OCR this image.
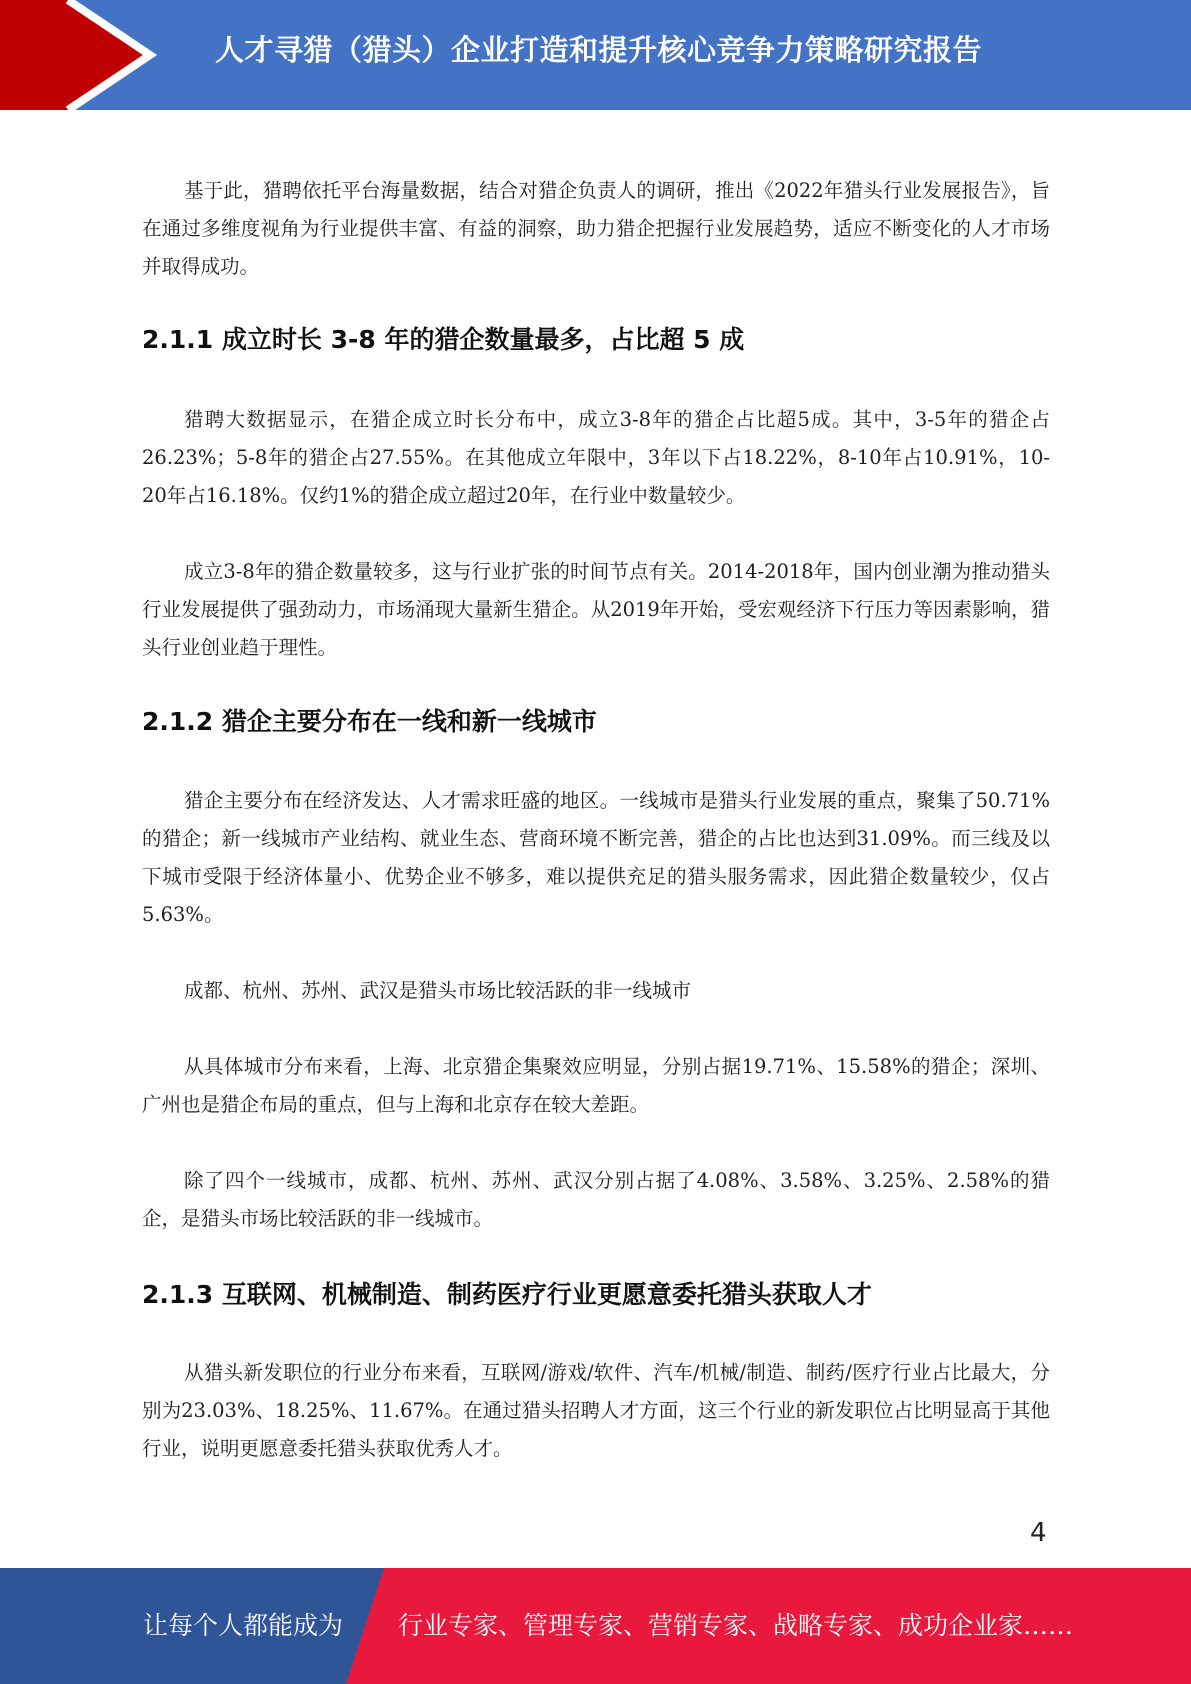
人才寻猎（猎头）企业打造和提升核心竞争力策略研究报告

基于此，猎聘依托平台海量数据，结合对猎企负责人的调研，推出《2022年猎头行业发展报告》，旨在通过多维度视角为行业提供丰富、有益的洞察，助力猎企把握行业发展趋势，适应不断变化的人才市场并取得成功。

2.1.1 成立时长 3-8 年的猎企数量最多，占比超 5 成

猎聘大数据显示，在猎企成立时长分布中，成立3-8年的猎企占比超5成。其中，3-5年的猎企占26.23%；5-8年的猎企占27.55%。在其他成立年限中，3年以下占18.22%，8-10年占10.91%，10-20年占16.18%。仅约1%的猎企成立超过20年，在行业中数量较少。

成立3-8年的猎企数量较多，这与行业扩张的时间节点有关。2014-2018年，国内创业潮为推动猎头行业发展提供了强劲动力，市场涌现大量新生猎企。从2019年开始，受宏观经济下行压力等因素影响，猎头行业创业趋于理性。

2.1.2 猎企主要分布在一线和新一线城市

猎企主要分布在经济发达、人才需求旺盛的地区。一线城市是猎头行业发展的重点，聚集了50.71%的猎企；新一线城市产业结构、就业生态、营商环境不断完善，猎企的占比也达到31.09%。而三线及以下城市受限于经济体量小、优势企业不够多，难以提供充足的猎头服务需求，因此猎企数量较少，仅占5.63%。

成都、杭州、苏州、武汉是猎头市场比较活跃的非一线城市

从具体城市分布来看，上海、北京猎企集聚效应明显，分别占据19.71%、15.58%的猎企；深圳、广州也是猎企布局的重点，但与上海和北京存在较大差距。

除了四个一线城市，成都、杭州、苏州、武汉分别占据了4.08%、3.58%、3.25%、2.58%的猎企，是猎头市场比较活跃的非一线城市。

2.1.3 互联网、机械制造、制药医疗行业更愿意委托猎头获取人才

从猎头新发职位的行业分布来看，互联网/游戏/软件、汽车/机械/制造、制药/医疗行业占比最大，分别为23.03%、18.25%、11.67%。在通过猎头招聘人才方面，这三个行业的新发职位占比明显高于其他行业，说明更愿意委托猎头获取优秀人才。

4
让每个人都能成为 行业专家、管理专家、营销专家、战略专家、成功企业家……
